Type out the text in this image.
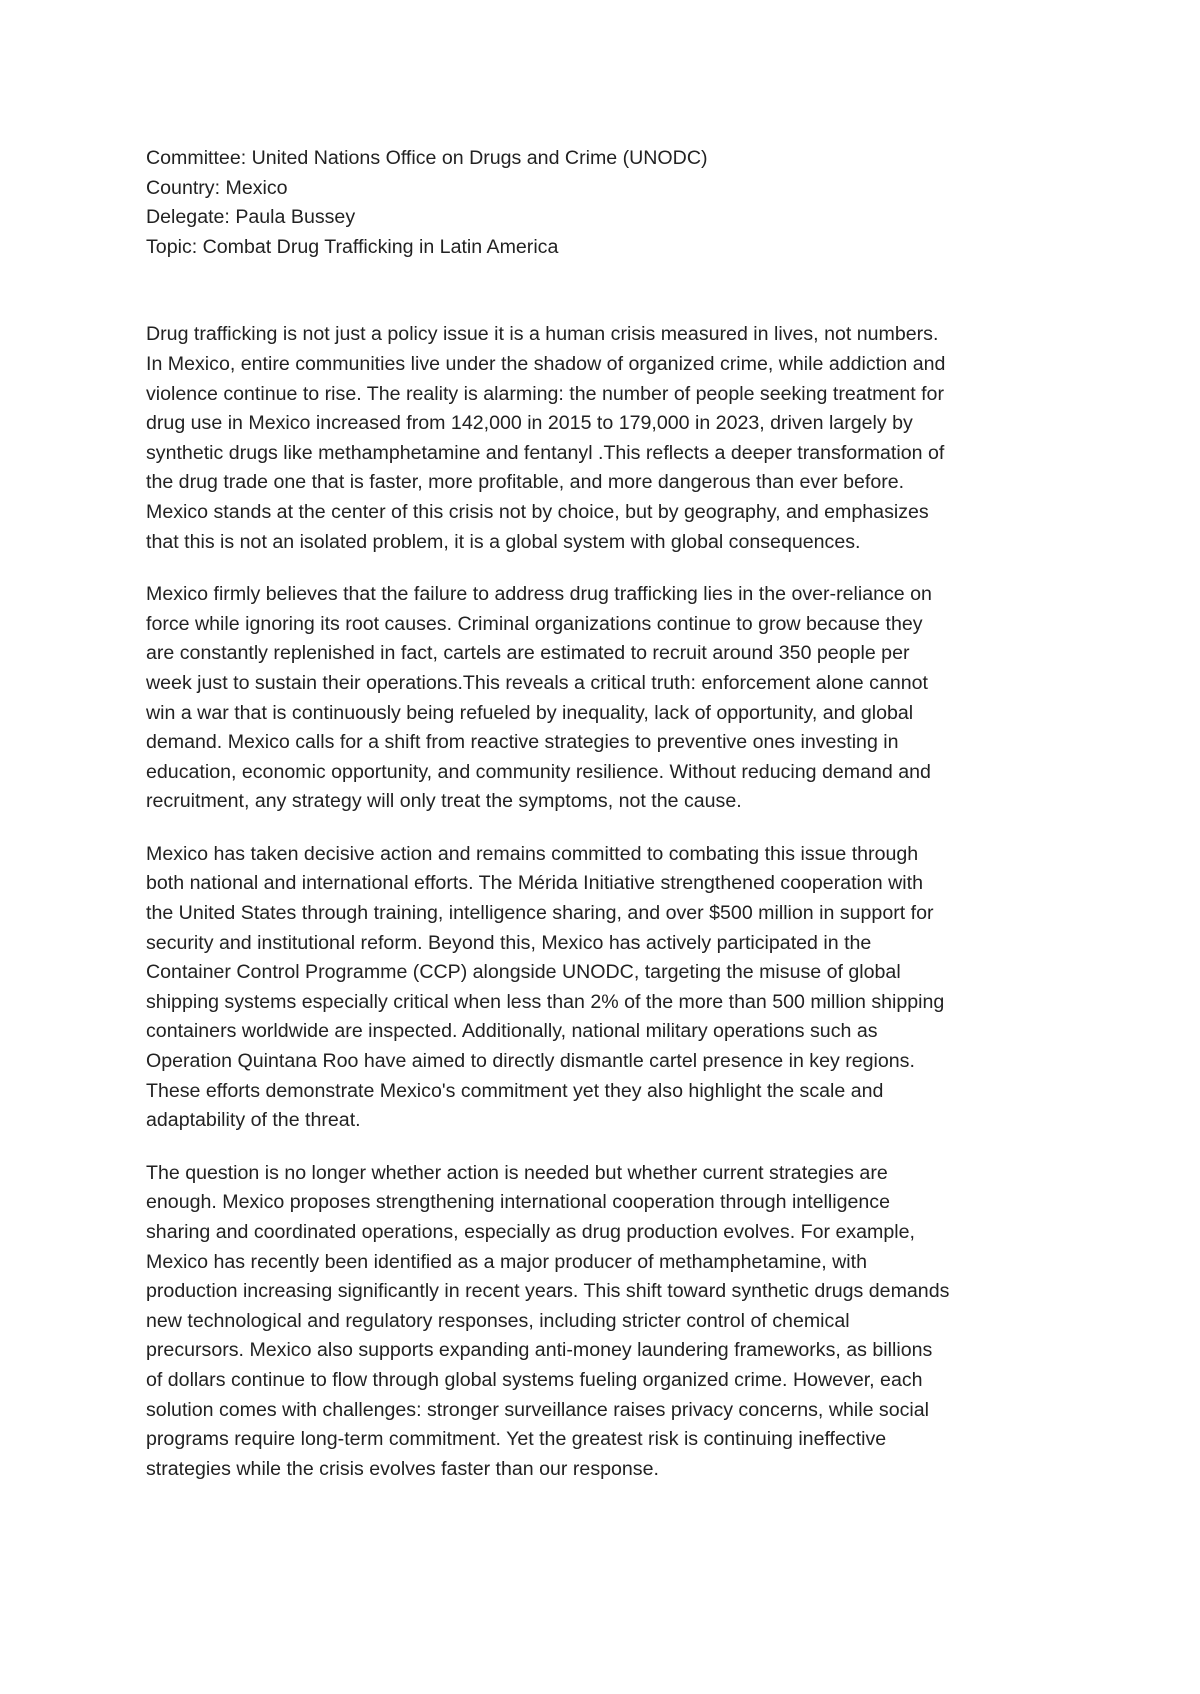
Committee: United Nations Office on Drugs and Crime (UNODC)

Country: Mexico

Delegate: Paula Bussey

Topic: Combat Drug Trafficking in Latin America

Drug trafficking is not just a policy issue it is a human crisis measured in lives, not numbers.
In Mexico, entire communities live under the shadow of organized crime, while addiction and
violence continue to rise. The reality is alarming: the number of people seeking treatment for
drug use in Mexico increased from 142,000 in 2015 to 179,000 in 2023, driven largely by
synthetic drugs like methamphetamine and fentanyl .This reflects a deeper transformation of
the drug trade one that is faster, more profitable, and more dangerous than ever before.
Mexico stands at the center of this crisis not by choice, but by geography, and emphasizes
that this is not an isolated problem, it is a global system with global consequences.

Mexico firmly believes that the failure to address drug trafficking lies in the over-reliance on
force while ignoring its root causes. Criminal organizations continue to grow because they
are constantly replenished in fact, cartels are estimated to recruit around 350 people per
week just to sustain their operations.This reveals a critical truth: enforcement alone cannot
win a war that is continuously being refueled by inequality, lack of opportunity, and global
demand. Mexico calls for a shift from reactive strategies to preventive ones investing in
education, economic opportunity, and community resilience. Without reducing demand and
recruitment, any strategy will only treat the symptoms, not the cause.

Mexico has taken decisive action and remains committed to combating this issue through
both national and international efforts. The Mérida Initiative strengthened cooperation with
the United States through training, intelligence sharing, and over $500 million in support for
security and institutional reform. Beyond this, Mexico has actively participated in the
Container Control Programme (CCP) alongside UNODC, targeting the misuse of global
shipping systems especially critical when less than 2% of the more than 500 million shipping
containers worldwide are inspected. Additionally, national military operations such as
Operation Quintana Roo have aimed to directly dismantle cartel presence in key regions.
These efforts demonstrate Mexico's commitment yet they also highlight the scale and
adaptability of the threat.

The question is no longer whether action is needed but whether current strategies are
enough. Mexico proposes strengthening international cooperation through intelligence
sharing and coordinated operations, especially as drug production evolves. For example,
Mexico has recently been identified as a major producer of methamphetamine, with
production increasing significantly in recent years. This shift toward synthetic drugs demands
new technological and regulatory responses, including stricter control of chemical
precursors. Mexico also supports expanding anti-money laundering frameworks, as billions
of dollars continue to flow through global systems fueling organized crime. However, each
solution comes with challenges: stronger surveillance raises privacy concerns, while social
programs require long-term commitment. Yet the greatest risk is continuing ineffective
strategies while the crisis evolves faster than our response.
